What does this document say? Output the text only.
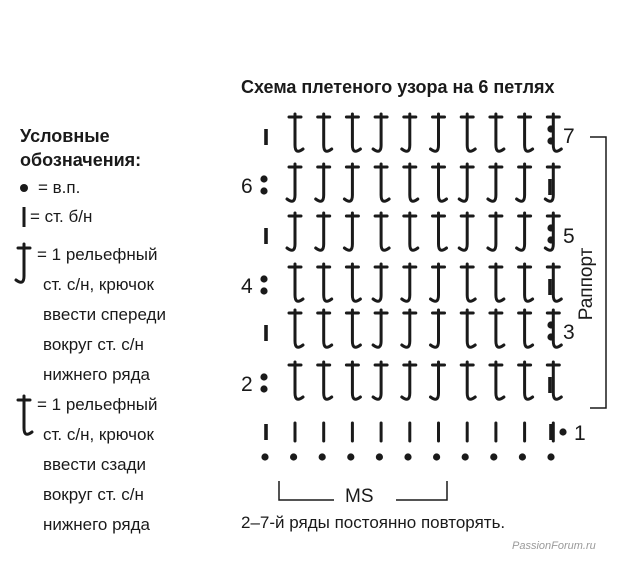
Схема плетеного узора на 6 петлях
Условные
обозначения:
= в.п.
= ст. б/н
= 1 рельефный
ст. с/н, крючок
ввести спереди
вокруг ст. с/н
нижнего ряда
= 1 рельефный
ст. с/н, крючок
ввести сзади
вокруг ст. с/н
нижнего ряда
7
6
5
4
3
2
1
Раппорт
MS
2–7-й ряды постоянно повторять.
PassionForum.ru
